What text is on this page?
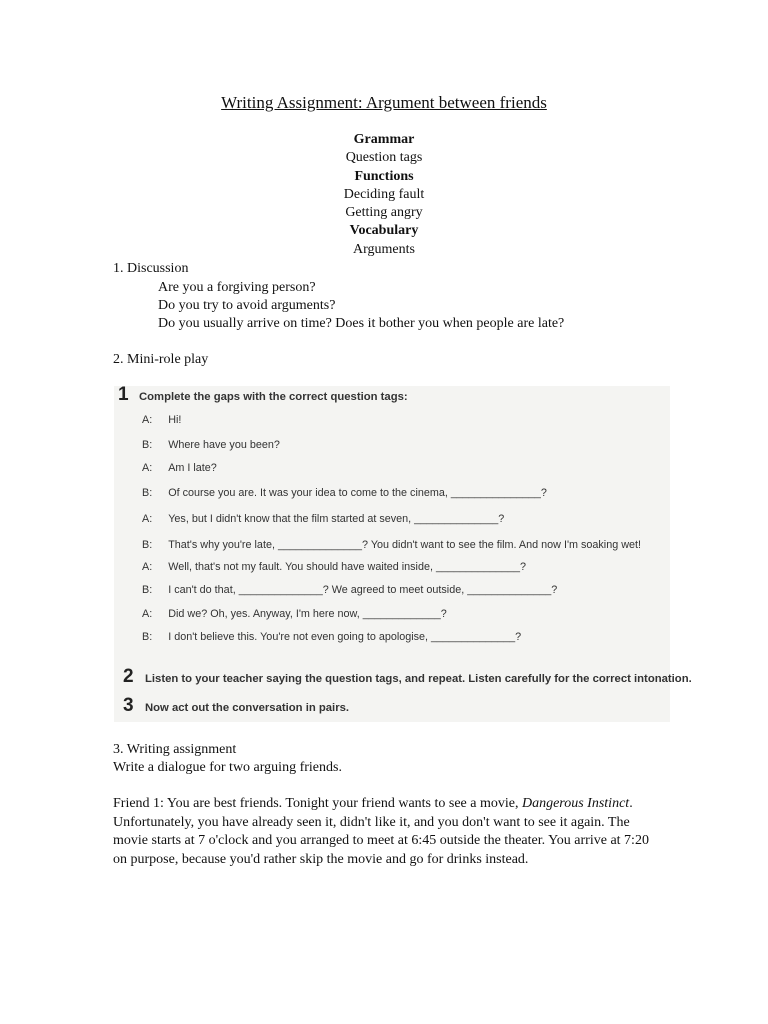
Writing Assignment: Argument between friends
Grammar
Question tags
Functions
Deciding fault
Getting angry
Vocabulary
Arguments
1. Discussion
Are you a forgiving person?
Do you try to avoid arguments?
Do you usually arrive on time? Does it bother you when people are late?
2. Mini-role play
1 Complete the gaps with the correct question tags:
A: Hi!
B: Where have you been?
A: Am I late?
B: Of course you are. It was your idea to come to the cinema, _______________?
A: Yes, but I didn't know that the film started at seven, ______________?
B: That's why you're late, ______________? You didn't want to see the film. And now I'm soaking wet!
A: Well, that's not my fault. You should have waited inside, ______________?
B: I can't do that, ______________? We agreed to meet outside, ______________?
A: Did we? Oh, yes. Anyway, I'm here now, _____________?
B: I don't believe this. You're not even going to apologise, ______________?
2 Listen to your teacher saying the question tags, and repeat. Listen carefully for the correct intonation.
3 Now act out the conversation in pairs.
3. Writing assignment
Write a dialogue for two arguing friends.
Friend 1: You are best friends. Tonight your friend wants to see a movie, Dangerous Instinct. Unfortunately, you have already seen it, didn't like it, and you don't want to see it again. The movie starts at 7 o'clock and you arranged to meet at 6:45 outside the theater. You arrive at 7:20 on purpose, because you'd rather skip the movie and go for drinks instead.
